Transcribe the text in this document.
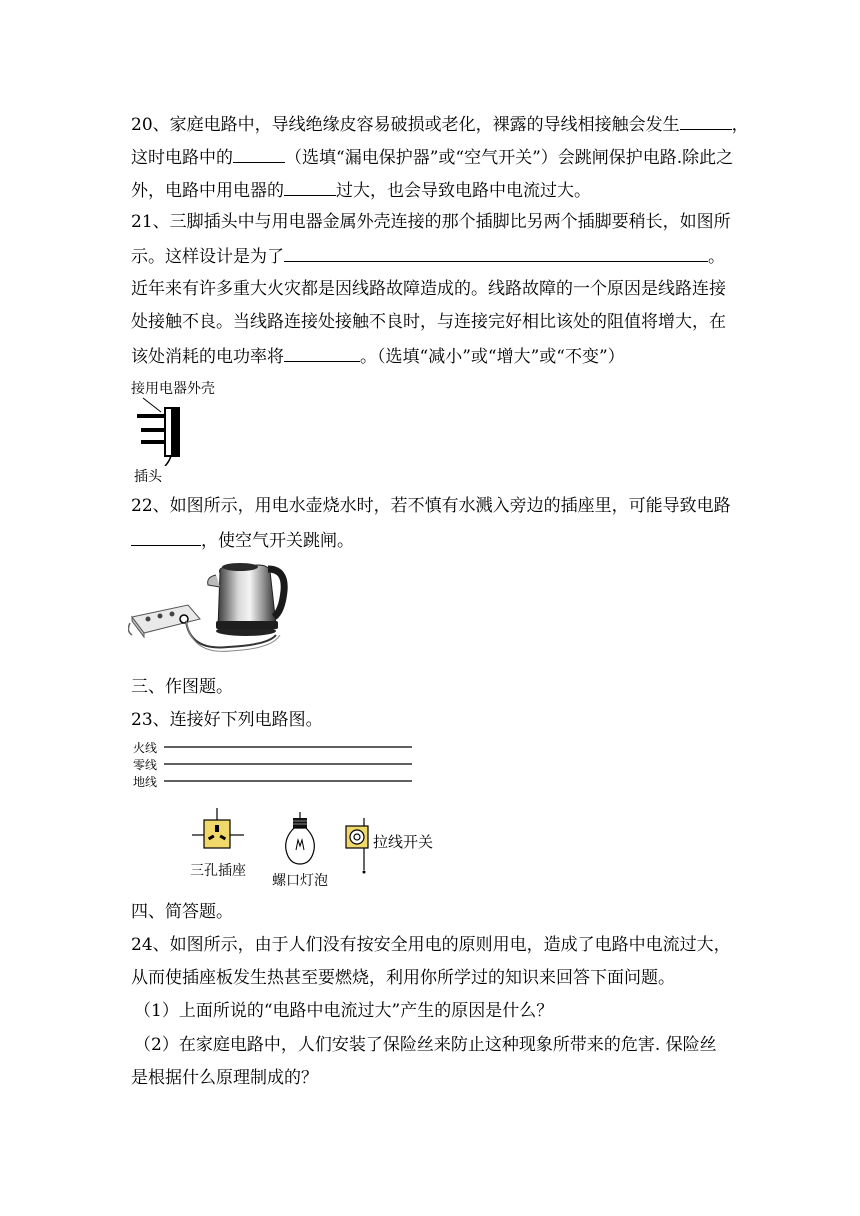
20、家庭电路中，导线绝缘皮容易破损或老化，裸露的导线相接触会发生	，
这时电路中的	（选填“漏电保护器”或“空气开关”）会跳闸保护电路.除此之
外，电路中用电器的	过大，也会导致电路中电流过大。
21、三脚插头中与用电器金属外壳连接的那个插脚比另两个插脚要稍长，如图所
示。这样设计是为了	。
近年来有许多重大火灾都是因线路故障造成的。线路故障的一个原因是线路连接
处接触不良。当线路连接处接触不良时，与连接完好相比该处的阻值将增大，在
该处消耗的电功率将	。（选填“减小”或“增大”或“不变”）
接用电器外壳
插头
22、如图所示，用电水壶烧水时，若不慎有水溅入旁边的插座里，可能导致电路
，使空气开关跳闸。
三、作图题。
23、连接好下列电路图。
火线
零线
地线
三孔插座
螺口灯泡
拉线开关
四、简答题。
24、如图所示，由于人们没有按安全用电的原则用电，造成了电路中电流过大，
从而使插座板发生热甚至要燃烧，利用你所学过的知识来回答下面问题。
（1）上面所说的“电路中电流过大”产生的原因是什么？
（2）在家庭电路中，人们安装了保险丝来防止这种现象所带来的危害. 保险丝
是根据什么原理制成的？
